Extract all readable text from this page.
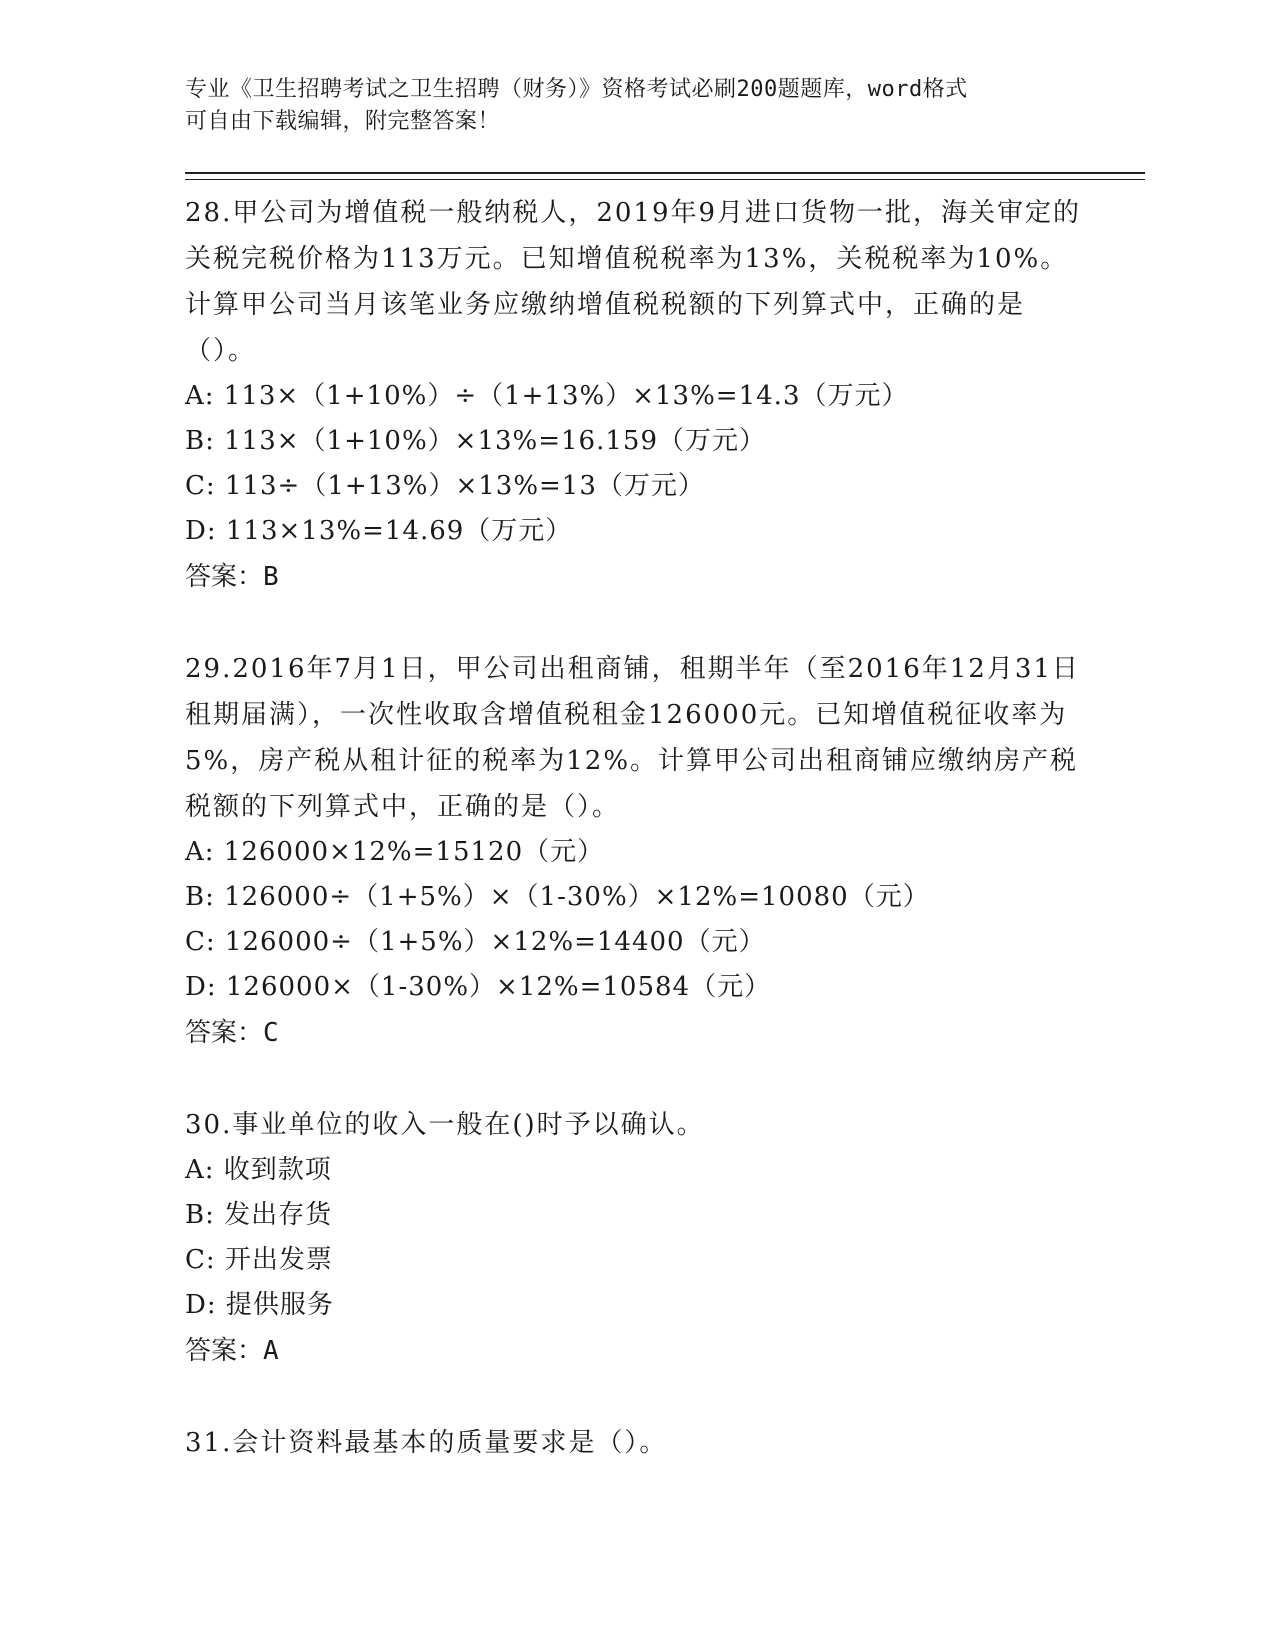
专业《卫生招聘考试之卫生招聘（财务）》资格考试必刷200题题库，word格式
可自由下载编辑，附完整答案！

28.甲公司为增值税一般纳税人，2019年9月进口货物一批，海关审定的关税完税价格为113万元。已知增值税税率为13%，关税税率为10%。计算甲公司当月该笔业务应缴纳增值税税额的下列算式中，正确的是（）。

A: 113×（1+10%）÷（1+13%）×13%=14.3（万元）

B: 113×（1+10%）×13%=16.159（万元）

C: 113÷（1+13%）×13%=13（万元）

D: 113×13%=14.69（万元）

答案：B

29.2016年7月1日，甲公司出租商铺，租期半年（至2016年12月31日租期届满），一次性收取含增值税租金126000元。已知增值税征收率为5%，房产税从租计征的税率为12%。计算甲公司出租商铺应缴纳房产税税额的下列算式中，正确的是（）。

A: 126000×12%=15120（元）

B: 126000÷（1+5%）×（1-30%）×12%=10080（元）

C: 126000÷（1+5%）×12%=14400（元）

D: 126000×（1-30%）×12%=10584（元）

答案：C

30.事业单位的收入一般在()时予以确认。

A: 收到款项

B: 发出存货

C: 开出发票

D: 提供服务

答案：A

31.会计资料最基本的质量要求是（）。
